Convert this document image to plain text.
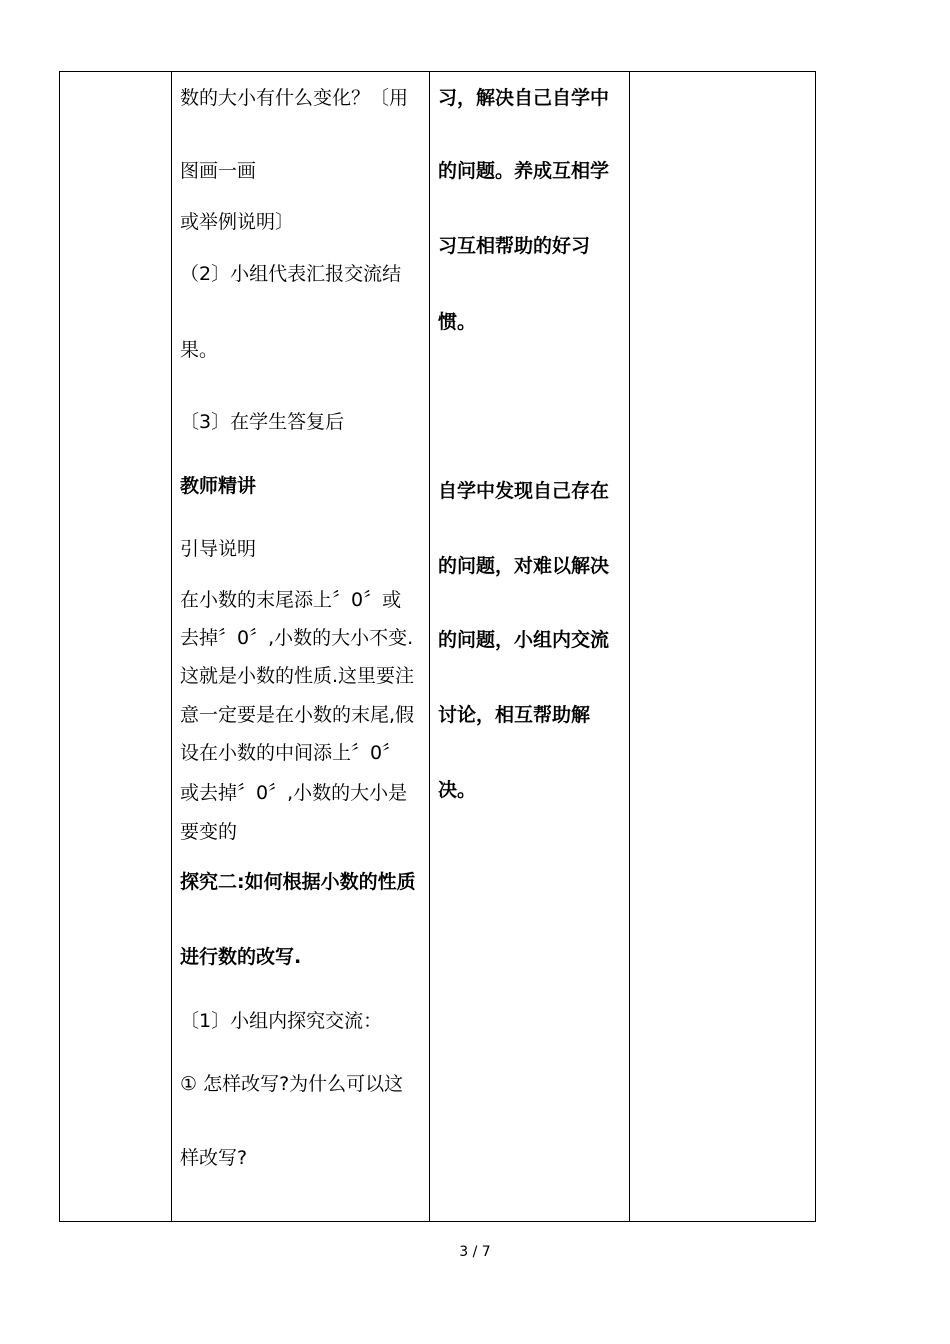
数的大小有什么变化？〔用
图画一画
或举例说明〕
（2〕小组代表汇报交流结
果。
〔3〕在学生答复后
教师精讲
引导说明
在小数的末尾添上〞0〞或
去掉〞0〞,小数的大小不变.
这就是小数的性质.这里要注
意一定要是在小数的末尾,假
设在小数的中间添上〞0〞
或去掉〞0〞,小数的大小是
要变的
探究二:如何根据小数的性质
进行数的改写.
〔1〕小组内探究交流：
① 怎样改写?为什么可以这
样改写?
习，解决自己自学中
的问题。养成互相学
习互相帮助的好习
惯。
自学中发现自己存在
的问题，对难以解决
的问题，小组内交流
讨论，相互帮助解
决。
3 / 7
